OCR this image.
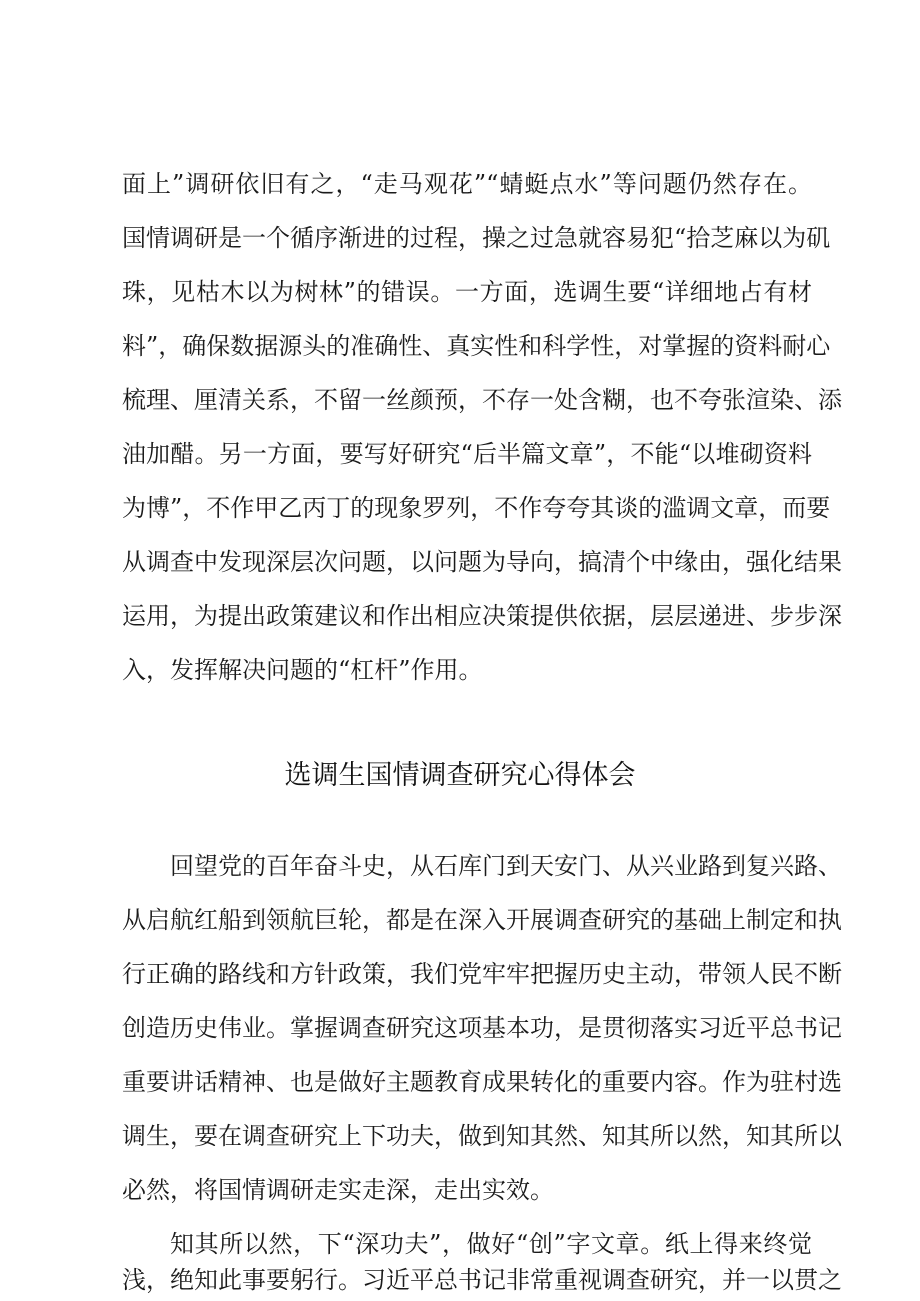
面上”调研依旧有之，“走马观花”“蜻蜓点水”等问题仍然存在。
国情调研是一个循序渐进的过程，操之过急就容易犯“拾芝麻以为矶
珠，见枯木以为树林”的错误。一方面，选调生要“详细地占有材
料”，确保数据源头的准确性、真实性和科学性，对掌握的资料耐心
梳理、厘清关系，不留一丝颜预，不存一处含糊，也不夸张渲染、添
油加醋。另一方面，要写好研究“后半篇文章”，不能“以堆砌资料
为博”，不作甲乙丙丁的现象罗列，不作夸夸其谈的滥调文章，而要
从调查中发现深层次问题，以问题为导向，搞清个中缘由，强化结果
运用，为提出政策建议和作出相应决策提供依据，层层递进、步步深
入，发挥解决问题的“杠杆”作用。
选调生国情调查研究心得体会
回望党的百年奋斗史，从石库门到天安门、从兴业路到复兴路、
从启航红船到领航巨轮，都是在深入开展调查研究的基础上制定和执
行正确的路线和方针政策，我们党牢牢把握历史主动，带领人民不断
创造历史伟业。掌握调查研究这项基本功，是贯彻落实习近平总书记
重要讲话精神、也是做好主题教育成果转化的重要内容。作为驻村选
调生，要在调查研究上下功夫，做到知其然、知其所以然，知其所以
必然，将国情调研走实走深，走出实效。
知其所以然，下“深功夫”，做好“创”字文章。纸上得来终觉
浅，绝知此事要躬行。习近平总书记非常重视调查研究，并一以贯之
